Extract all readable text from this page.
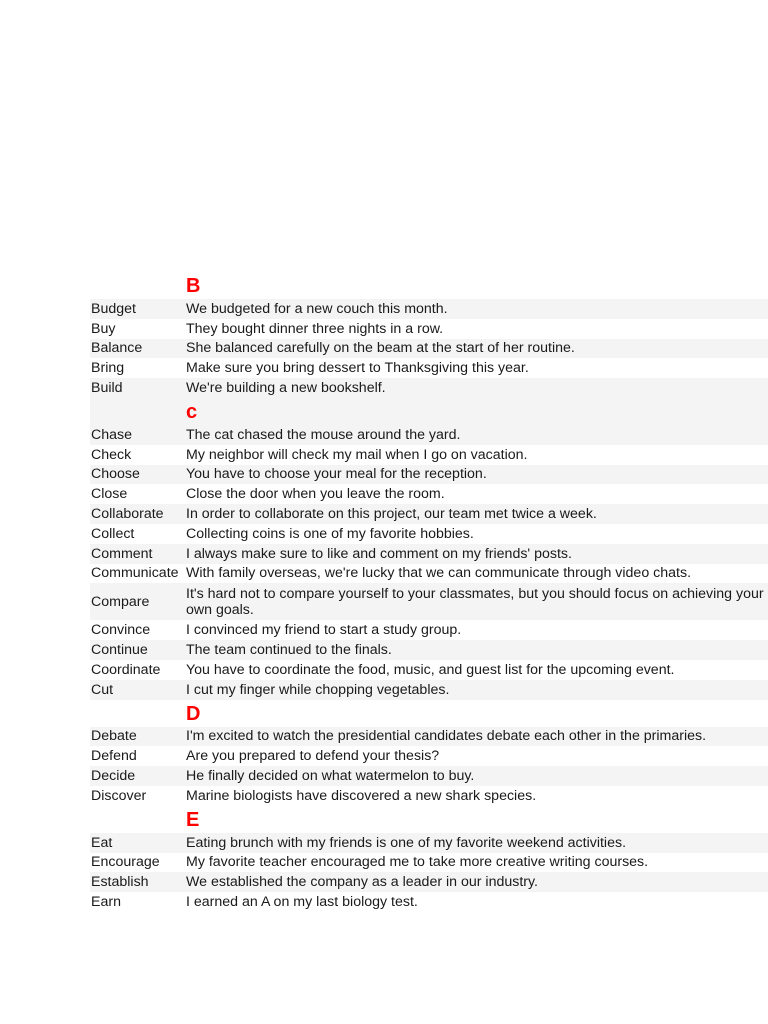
B
Budget	We budgeted for a new couch this month.
Buy	They bought dinner three nights in a row.
Balance	She balanced carefully on the beam at the start of her routine.
Bring	Make sure you bring dessert to Thanksgiving this year.
Build	We're building a new bookshelf.
c
Chase	The cat chased the mouse around the yard.
Check	My neighbor will check my mail when I go on vacation.
Choose	You have to choose your meal for the reception.
Close	Close the door when you leave the room.
Collaborate	In order to collaborate on this project, our team met twice a week.
Collect	Collecting coins is one of my favorite hobbies.
Comment	I always make sure to like and comment on my friends' posts.
Communicate With family overseas, we're lucky that we can communicate through video chats.
Compare	It's hard not to compare yourself to your classmates, but you should focus on achieving your own goals.
Convince	I convinced my friend to start a study group.
Continue	The team continued to the finals.
Coordinate	You have to coordinate the food, music, and guest list for the upcoming event.
Cut	I cut my finger while chopping vegetables.
D
Debate	I'm excited to watch the presidential candidates debate each other in the primaries.
Defend	Are you prepared to defend your thesis?
Decide	He finally decided on what watermelon to buy.
Discover	Marine biologists have discovered a new shark species.
E
Eat	Eating brunch with my friends is one of my favorite weekend activities.
Encourage	My favorite teacher encouraged me to take more creative writing courses.
Establish	We established the company as a leader in our industry.
Earn	I earned an A on my last biology test.
